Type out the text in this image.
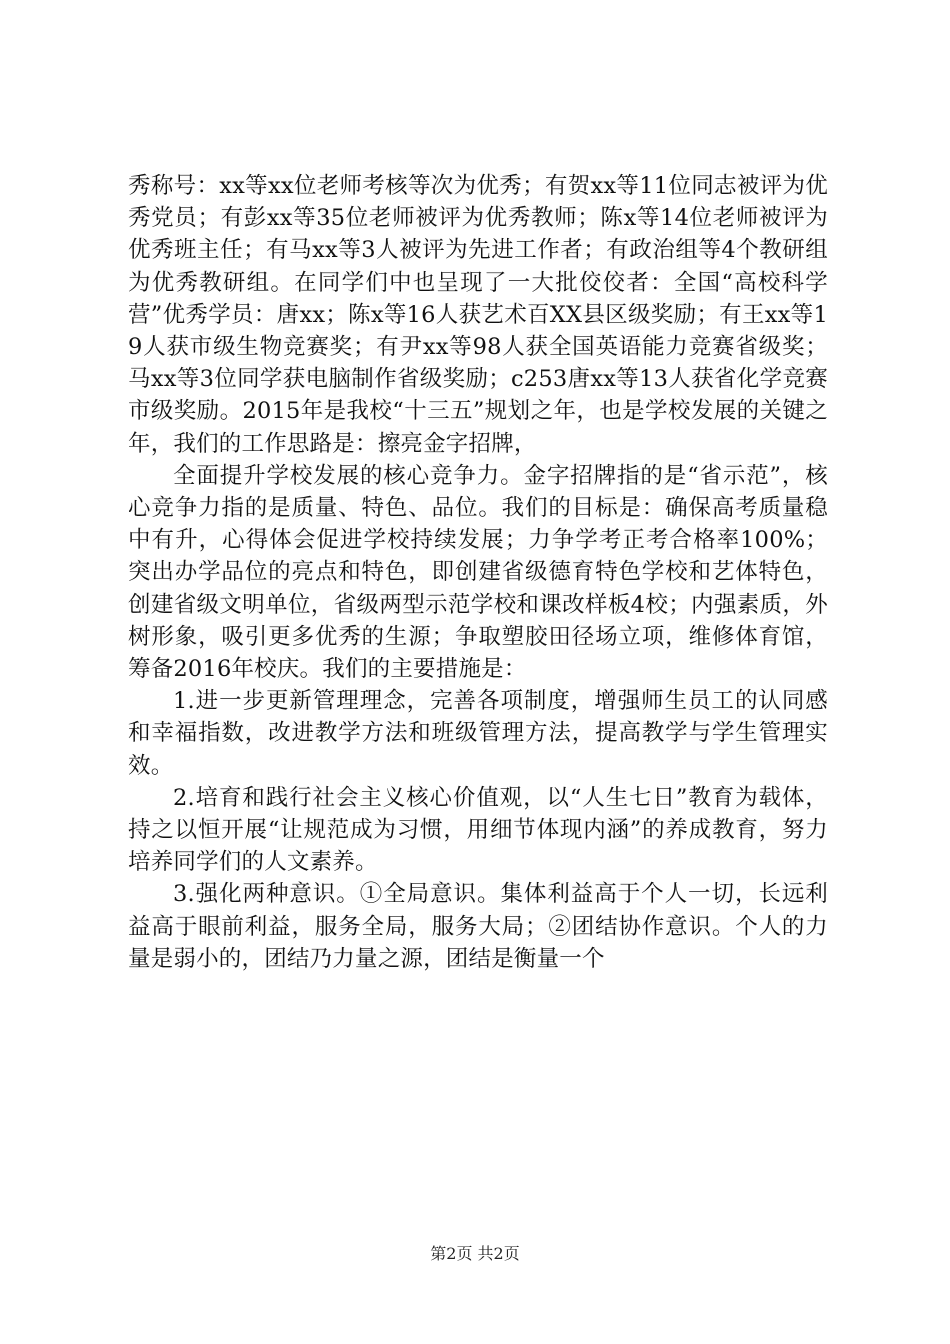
秀称号：xx等xx位老师考核等次为优秀；有贺xx等11位同志被评为优秀党员；有彭xx等35位老师被评为优秀教师；陈x等14位老师被评为优秀班主任；有马xx等3人被评为先进工作者；有政治组等4个教研组为优秀教研组。在同学们中也呈现了一大批佼佼者：全国“高校科学营”优秀学员：唐xx；陈x等16人获艺术百XX县区级奖励；有王xx等19人获市级生物竞赛奖；有尹xx等98人获全国英语能力竞赛省级奖；马xx等3位同学获电脑制作省级奖励；c253唐xx等13人获省化学竞赛市级奖励。2015年是我校“十三五”规划之年，也是学校发展的关键之年，我们的工作思路是：擦亮金字招牌，

全面提升学校发展的核心竞争力。金字招牌指的是“省示范”，核心竞争力指的是质量、特色、品位。我们的目标是：确保高考质量稳中有升，心得体会促进学校持续发展；力争学考正考合格率100%；突出办学品位的亮点和特色，即创建省级德育特色学校和艺体特色，创建省级文明单位，省级两型示范学校和课改样板4校；内强素质，外树形象，吸引更多优秀的生源；争取塑胶田径场立项，维修体育馆，筹备2016年校庆。我们的主要措施是：

1.进一步更新管理理念，完善各项制度，增强师生员工的认同感和幸福指数，改进教学方法和班级管理方法，提高教学与学生管理实效。

2.培育和践行社会主义核心价值观，以“人生七日”教育为载体，持之以恒开展“让规范成为习惯，用细节体现内涵”的养成教育，努力培养同学们的人文素养。

3.强化两种意识。①全局意识。集体利益高于个人一切，长远利益高于眼前利益，服务全局，服务大局；②团结协作意识。个人的力量是弱小的，团结乃力量之源，团结是衡量一个

第2页 共2页
